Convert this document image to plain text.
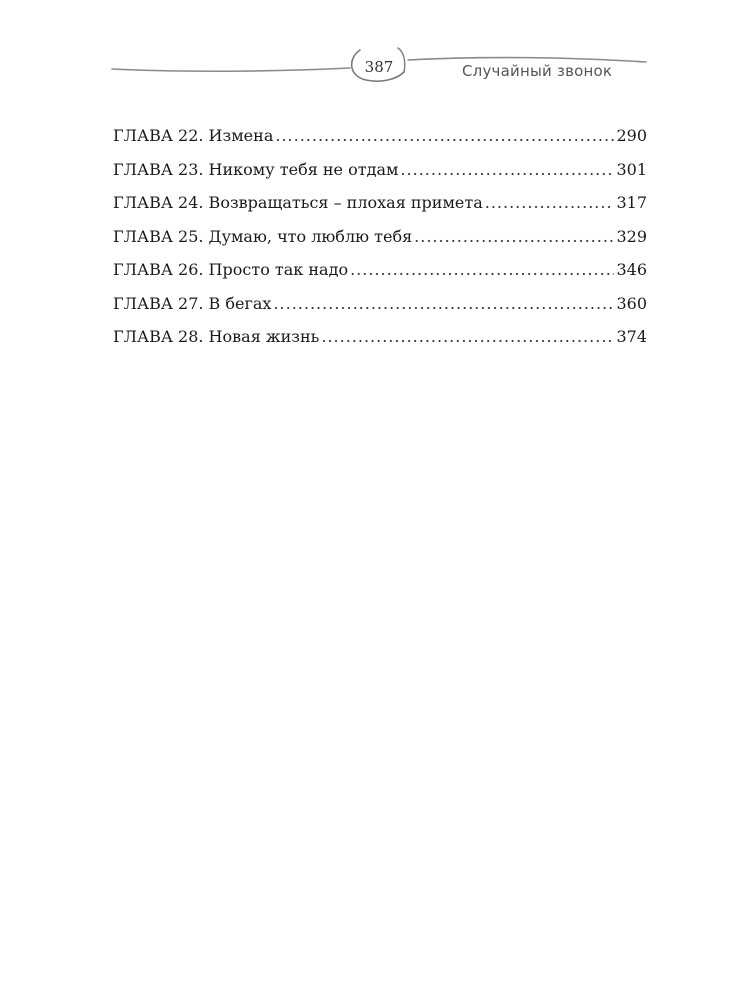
387	Случайный звонок
ГЛАВА 22. Измена .....	290
ГЛАВА 23. Никому тебя не отдам .....	301
ГЛАВА 24. Возвращаться – плохая примета .....	317
ГЛАВА 25. Думаю, что люблю тебя .....	329
ГЛАВА 26. Просто так надо .....	346
ГЛАВА 27. В бегах .....	360
ГЛАВА 28. Новая жизнь .....	374
